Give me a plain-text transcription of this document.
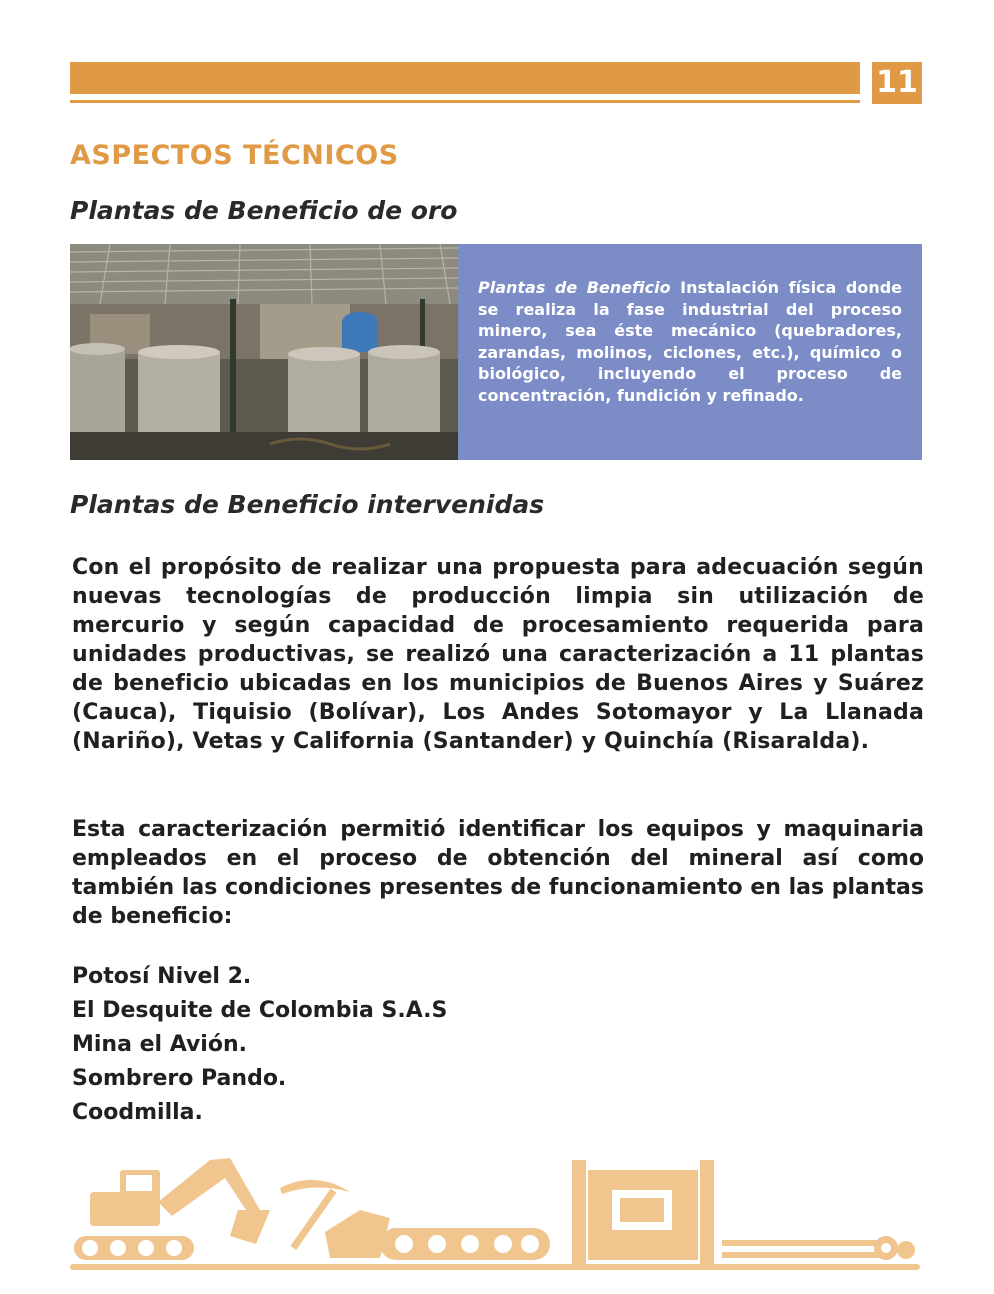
11
ASPECTOS TÉCNICOS
Plantas de Beneficio de oro
Plantas de Beneficio Instalación física donde se realiza la fase industrial del proceso minero, sea éste mecánico (quebradores, zarandas, molinos, ciclones, etc.), químico o biológico, incluyendo el proceso de concentración, fundición y refinado.
Plantas de Beneficio intervenidas
Con el propósito de realizar una propuesta para adecuación según nuevas tecnologías de producción limpia sin utilización de mercurio y según capacidad de procesamiento requerida para unidades productivas, se realizó una caracterización a 11 plantas de beneficio ubicadas en los municipios de Buenos Aires y Suárez (Cauca), Tiquisio (Bolívar), Los Andes Sotomayor y La Llanada (Nariño), Vetas y California (Santander) y Quinchía (Risaralda).
Esta caracterización permitió identificar los equipos y maquinaria empleados en el proceso de obtención del mineral así como también las condiciones presentes de funcionamiento en las plantas de beneficio:
Potosí Nivel 2.
El Desquite de Colombia S.A.S
Mina el Avión.
Sombrero Pando.
Coodmilla.
